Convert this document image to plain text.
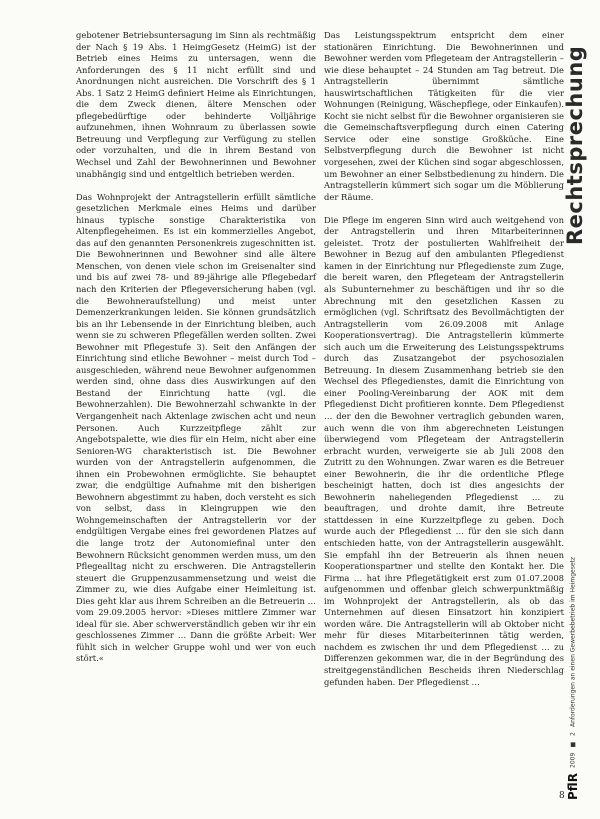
Rechtsprechung

gebotener Betriebsuntersagung im Sinn als rechtmäßig der Nach § 19 Abs. 1 HeimgGesetz (HeimG) ist der Betrieb eines Heims zu untersagen, wenn die Anforderungen des § 11 nicht erfüllt sind und Anordnungen nicht ausreichen. Die Vorschrift des § 1 Abs. 1 Satz 2 HeimG definiert Heime als Einrichtungen, die dem Zweck dienen, ältere Menschen oder pflegebedürftige oder behinderte Volljährige aufzunehmen, ihnen Wohnraum zu überlassen sowie Betreuung und Verpflegung zur Verfügung zu stellen oder vorzuhalten, und die in ihrem Bestand von Wechsel und Zahl der Bewohnerinnen und Bewohner unabhängig sind und entgeltlich betrieben werden.

Das Wohnprojekt der Antragstellerin erfüllt sämtliche gesetzlichen Merkmale eines Heims und darüber hinaus typische sonstige Charakteristika von Altenpflegeheimen. Es ist ein kommerzielles Angebot, das auf den genannten Personenkreis zugeschnitten ist. Die Bewohnerinnen und Bewohner sind alle ältere Menschen, von denen viele schon im Greisenalter sind und bis auf zwei 78- und 89-jährige alle Pflegebedarf nach den Kriterien der Pflegeversicherung haben (vgl. die Bewohneraufstellung) und meist unter Demenzerkrankungen leiden. Sie können grundsätzlich bis an ihr Lebensende in der Einrichtung bleiben, auch wenn sie zu schweren Pflegefällen werden sollten. Zwei Bewohner mit Pflegestufe 3). Seit den Anfängen der Einrichtung sind etliche Bewohner – meist durch Tod – ausgeschieden, während neue Bewohner aufgenommen werden sind, ohne dass dies Auswirkungen auf den Bestand der Einrichtung hatte (vgl. die Bewohnerzahlen). Die Bewohnerzahl schwankte in der Vergangenheit nach Aktenlage zwischen acht und neun Personen. Auch Kurzzeitpflege zählt zur Angebotspalette, wie dies für ein Heim, nicht aber eine Senioren-WG charakteristisch ist. Die Bewohner wurden von der Antragstellerin aufgenommen, die ihnen ein Probewohnen ermöglichte. Sie behauptet zwar, die endgültige Aufnahme mit den bisherigen Bewohnern abgestimmt zu haben, doch versteht es sich von selbst, dass in Kleingruppen wie den Wohngemeinschaften der Antragstellerin vor der endgültigen Vergabe eines frei gewordenen Platzes auf die lange trotz der Autonomiefinal unter den Bewohnern Rücksicht genommen werden muss, um den Pflegealltag nicht zu erschweren. Die Antragstellerin steuert die Gruppenzusammensetzung und weist die Zimmer zu, wie dies Aufgabe einer Heimleitung ist. Dies geht klar aus ihrem Schreiben an die Betreuerin … vom 29.09.2005 hervor: »Dieses mittlere Zimmer war ideal für sie. Aber schwerverständlich geben wir ihr ein geschlossenes Zimmer … Dann die größte Arbeit: Wer fühlt sich in welcher Gruppe wohl und wer von euch stört.«

Das Leistungsspektrum entspricht dem einer stationären Einrichtung. Die Bewohnerinnen und Bewohner werden vom Pflegeteam der Antragstellerin – wie diese behauptet – 24 Stunden am Tag betreut. Die Antragstellerin übernimmt sämtliche hauswirtschaftlichen Tätigkeiten für die vier Wohnungen (Reinigung, Wäschepflege, oder Einkaufen). Kocht sie nicht selbst für die Bewohner organisieren sie die Gemeinschaftsverpflegung durch einen Catering Service oder eine sonstige Großküche. Eine Selbstverpflegung durch die Bewohner ist nicht vorgesehen, zwei der Küchen sind sogar abgeschlossen, um Bewohner an einer Selbstbedienung zu hindern. Die Antragstellerin kümmert sich sogar um die Möblierung der Räume.

Die Pflege im engeren Sinn wird auch weitgehend von der Antragstellerin und ihren Mitarbeiterinnen geleistet. Trotz der postulierten Wahlfreiheit der Bewohner in Bezug auf den ambulanten Pflegedienst kamen in der Einrichtung nur Pflegedienste zum Zuge, die bereit waren, den Pflegeteam der Antragstellerin als Subunternehmer zu beschäftigen und ihr so die Abrechnung mit den gesetzlichen Kassen zu ermöglichen (vgl. Schriftsatz des Bevollmächtigten der Antragstellerin vom 26.09.2008 mit Anlage Kooperationsvertrag). Die Antragstellerin kümmerte sich auch um die Erweiterung des Leistungsspektrums durch das Zusatzangebot der psychosozialen Betreuung. In diesem Zusammenhang betrieb sie den Wechsel des Pflegedienstes, damit die Einrichtung von einer Pooling-Vereinbarung der AOK mit dem Pflegedienst Dicht profitieren konnte. Dem Pflegedienst … der den die Bewohner vertraglich gebunden waren, auch wenn die von ihm abgerechneten Leistungen überwiegend vom Pflegeteam der Antragstellerin erbracht wurden, verweigerte sie ab Juli 2008 den Zutritt zu den Wohnungen. Zwar waren es die Betreuer einer Bewohnerin, die ihr die ordentliche Pflege bescheinigt hatten, doch ist dies angesichts der Bewohnerin naheliegenden Pflegedienst … zu beauftragen, und drohte damit, ihre Betreute stattdessen in eine Kurzzeitpflege zu geben. Doch wurde auch der Pflegedienst … für den sie sich dann entschieden hatte, von der Antragstellerin ausgewählt. Sie empfahl ihn der Betreuerin als ihnen neuen Kooperationspartner und stellte den Kontakt her. Die Firma … hat ihre Pflegetätigkeit erst zum 01.07.2008 aufgenommen und offenbar gleich schwerpunktmäßig im Wohnprojekt der Antragstellerin, als ob das Unternehmen auf diesen Einsatzort hin konzipiert worden wäre. Die Antragstellerin will ab Oktober nicht mehr für dieses Mitarbeiterinnen tätig werden, nachdem es zwischen ihr und dem Pflegedienst … zu Differenzen gekommen war, die in der Begründung des streitgegenständlichen Bescheids ihren Niederschlag gefunden haben. Der Pflegedienst …

PflR
2009
■
2
Anforderungen an einen Gewerbebetrieb im Heimgesetz
8
